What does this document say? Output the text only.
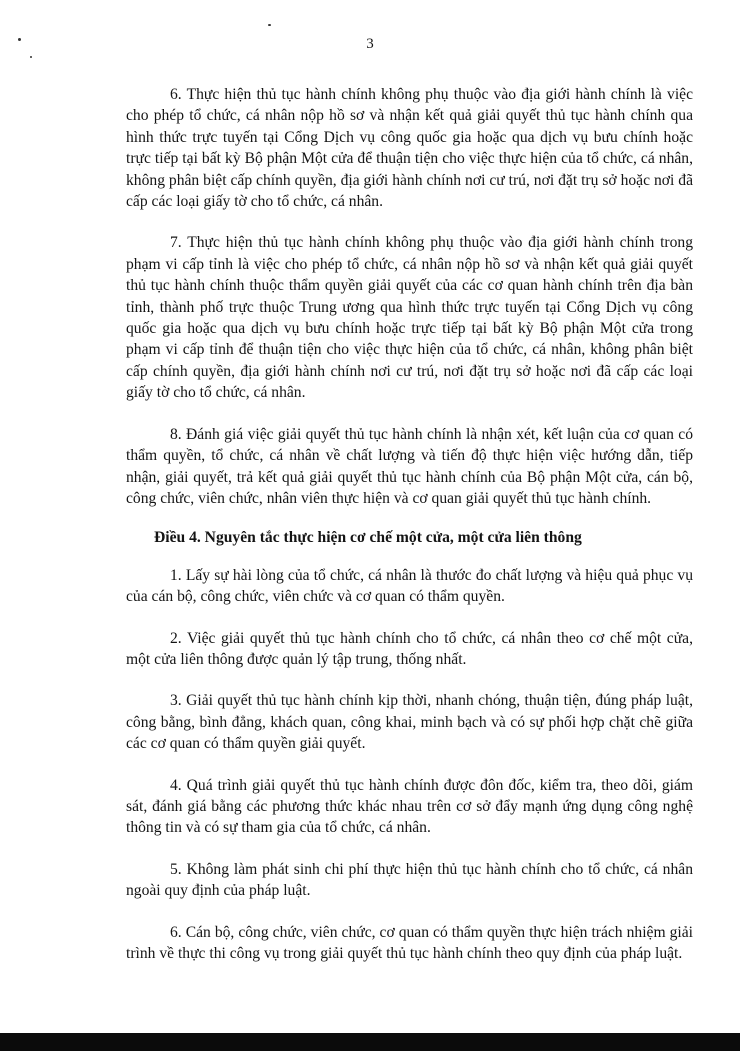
3

6. Thực hiện thủ tục hành chính không phụ thuộc vào địa giới hành chính là việc cho phép tổ chức, cá nhân nộp hồ sơ và nhận kết quả giải quyết thủ tục hành chính qua hình thức trực tuyến tại Cổng Dịch vụ công quốc gia hoặc qua dịch vụ bưu chính hoặc trực tiếp tại bất kỳ Bộ phận Một cửa để thuận tiện cho việc thực hiện của tổ chức, cá nhân, không phân biệt cấp chính quyền, địa giới hành chính nơi cư trú, nơi đặt trụ sở hoặc nơi đã cấp các loại giấy tờ cho tổ chức, cá nhân.

7. Thực hiện thủ tục hành chính không phụ thuộc vào địa giới hành chính trong phạm vi cấp tỉnh là việc cho phép tổ chức, cá nhân nộp hồ sơ và nhận kết quả giải quyết thủ tục hành chính thuộc thẩm quyền giải quyết của các cơ quan hành chính trên địa bàn tỉnh, thành phố trực thuộc Trung ương qua hình thức trực tuyến tại Cổng Dịch vụ công quốc gia hoặc qua dịch vụ bưu chính hoặc trực tiếp tại bất kỳ Bộ phận Một cửa trong phạm vi cấp tỉnh để thuận tiện cho việc thực hiện của tổ chức, cá nhân, không phân biệt cấp chính quyền, địa giới hành chính nơi cư trú, nơi đặt trụ sở hoặc nơi đã cấp các loại giấy tờ cho tổ chức, cá nhân.

8. Đánh giá việc giải quyết thủ tục hành chính là nhận xét, kết luận của cơ quan có thẩm quyền, tổ chức, cá nhân về chất lượng và tiến độ thực hiện việc hướng dẫn, tiếp nhận, giải quyết, trả kết quả giải quyết thủ tục hành chính của Bộ phận Một cửa, cán bộ, công chức, viên chức, nhân viên thực hiện và cơ quan giải quyết thủ tục hành chính.

Điều 4. Nguyên tắc thực hiện cơ chế một cửa, một cửa liên thông

1. Lấy sự hài lòng của tổ chức, cá nhân là thước đo chất lượng và hiệu quả phục vụ của cán bộ, công chức, viên chức và cơ quan có thẩm quyền.

2. Việc giải quyết thủ tục hành chính cho tổ chức, cá nhân theo cơ chế một cửa, một cửa liên thông được quản lý tập trung, thống nhất.

3. Giải quyết thủ tục hành chính kịp thời, nhanh chóng, thuận tiện, đúng pháp luật, công bằng, bình đẳng, khách quan, công khai, minh bạch và có sự phối hợp chặt chẽ giữa các cơ quan có thẩm quyền giải quyết.

4. Quá trình giải quyết thủ tục hành chính được đôn đốc, kiểm tra, theo dõi, giám sát, đánh giá bằng các phương thức khác nhau trên cơ sở đẩy mạnh ứng dụng công nghệ thông tin và có sự tham gia của tổ chức, cá nhân.

5. Không làm phát sinh chi phí thực hiện thủ tục hành chính cho tổ chức, cá nhân ngoài quy định của pháp luật.

6. Cán bộ, công chức, viên chức, cơ quan có thẩm quyền thực hiện trách nhiệm giải trình về thực thi công vụ trong giải quyết thủ tục hành chính theo quy định của pháp luật.
